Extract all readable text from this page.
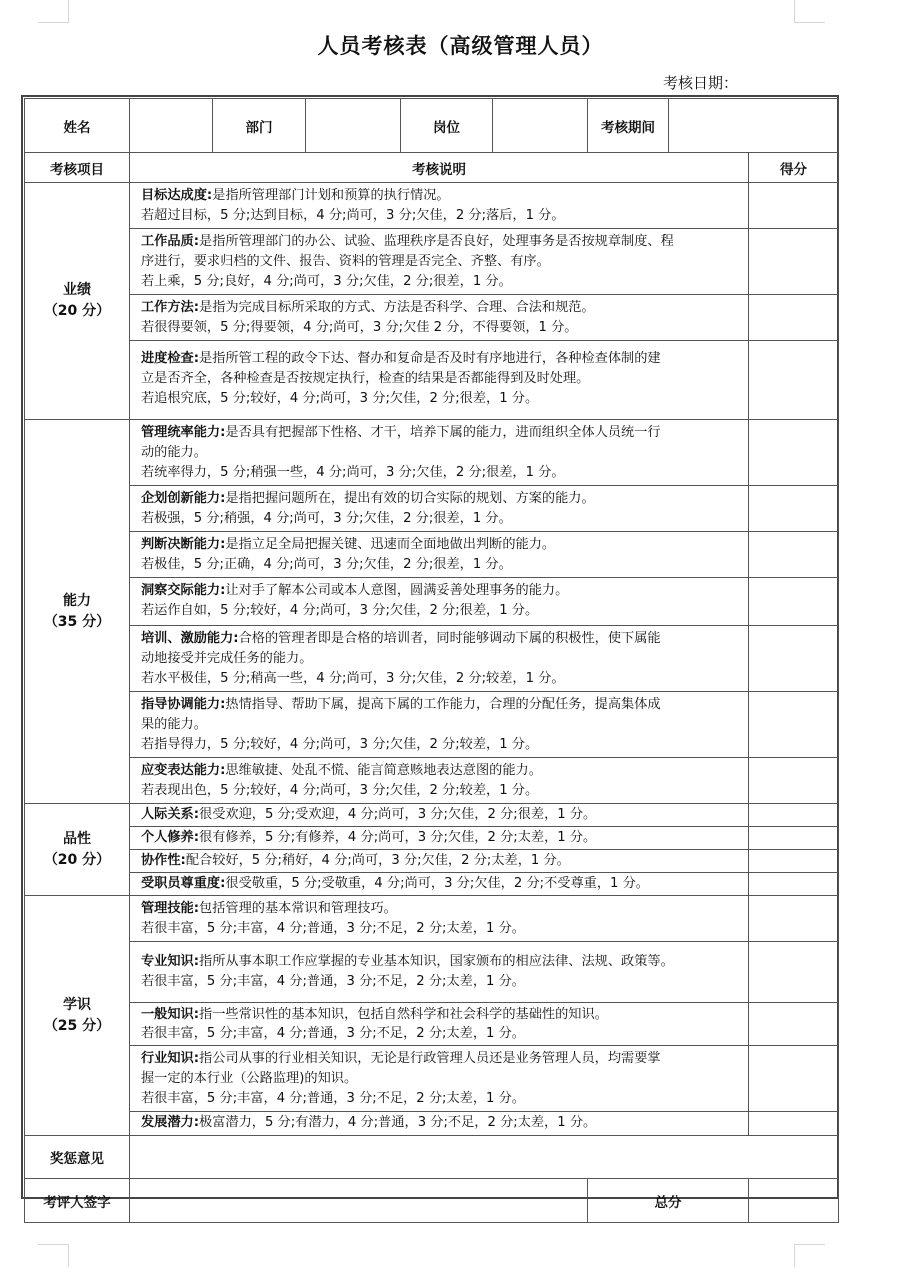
人员考核表（高级管理人员）
考核日期：
姓名		部门		岗位		考核期间		
考核项目	考核说明							得分

业绩
（20 分）	目标达成度:是指所管理部门计划和预算的执行情况。
若超过目标，5 分;达到目标，4 分;尚可，3 分;欠佳，2 分;落后，1 分。							

	工作品质:是指所管理部门的办公、试验、监理秩序是否良好，处理事务是否按规章制度、程
序进行，要求归档的文件、报告、资料的管理是否完全、齐整、有序。
若上乘，5 分;良好，4 分;尚可，3 分;欠佳，2 分;很差，1 分。							

	工作方法:是指为完成目标所采取的方式、方法是否科学、合理、合法和规范。
若很得要领，5 分;得要领，4 分;尚可，3 分;欠佳 2 分，不得要领，1 分。							

	进度检查:是指所管工程的政令下达、督办和复命是否及时有序地进行，各种检查体制的建
立是否齐全，各种检查是否按规定执行，检查的结果是否都能得到及时处理。
若追根究底，5 分;较好，4 分;尚可，3 分;欠佳，2 分;很差，1 分。							

能力
（35 分）	管理统率能力:是否具有把握部下性格、才干，培养下属的能力，进而组织全体人员统一行
动的能力。
若统率得力，5 分;稍强一些，4 分;尚可，3 分;欠佳，2 分;很差，1 分。							

	企划创新能力:是指把握问题所在，提出有效的切合实际的规划、方案的能力。
若极强，5 分;稍强，4 分;尚可，3 分;欠佳，2 分;很差，1 分。							

	判断决断能力:是指立足全局把握关键、迅速而全面地做出判断的能力。
若极佳，5 分;正确，4 分;尚可，3 分;欠佳，2 分;很差，1 分。							

	洞察交际能力:让对手了解本公司或本人意图，圆满妥善处理事务的能力。
若运作自如，5 分;较好，4 分;尚可，3 分;欠佳，2 分;很差，1 分。							

	培训、激励能力:合格的管理者即是合格的培训者，同时能够调动下属的积极性，使下属能
动地接受并完成任务的能力。
若水平极佳，5 分;稍高一些，4 分;尚可，3 分;欠佳，2 分;较差，1 分。							

	指导协调能力:热情指导、帮助下属，提高下属的工作能力，合理的分配任务，提高集体成
果的能力。
若指导得力，5 分;较好，4 分;尚可，3 分;欠佳，2 分;较差，1 分。							

	应变表达能力:思维敏捷、处乱不慌、能言简意赅地表达意图的能力。
若表现出色，5 分;较好，4 分;尚可，3 分;欠佳，2 分;较差，1 分。							

品性
（20 分）	人际关系:很受欢迎，5 分;受欢迎，4 分;尚可，3 分;欠佳，2 分;很差，1 分。							
	个人修养:很有修养，5 分;有修养，4 分;尚可，3 分;欠佳，2 分;太差，1 分。							
	协作性:配合较好，5 分;稍好，4 分;尚可，3 分;欠佳，2 分;太差，1 分。							
	受职员尊重度:很受敬重，5 分;受敬重，4 分;尚可，3 分;欠佳，2 分;不受尊重，1 分。							

学识
（25 分）	管理技能:包括管理的基本常识和管理技巧。
若很丰富，5 分;丰富，4 分;普通，3 分;不足，2 分;太差，1 分。							

	专业知识:指所从事本职工作应掌握的专业基本知识，国家颁布的相应法律、法规、政策等。
若很丰富，5 分;丰富，4 分;普通，3 分;不足，2 分;太差，1 分。							

	一般知识:指一些常识性的基本知识，包括自然科学和社会科学的基础性的知识。
若很丰富，5 分;丰富，4 分;普通，3 分;不足，2 分;太差，1 分。							

	行业知识:指公司从事的行业相关知识，无论是行政管理人员还是业务管理人员，均需要掌
握一定的本行业（公路监理)的知识。
若很丰富，5 分;丰富，4 分;普通，3 分;不足，2 分;太差，1 分。							

	发展潜力:极富潜力，5 分;有潜力，4 分;普通，3 分;不足，2 分;太差，1 分。							
奖惩意见								
考评人签字						总分		
